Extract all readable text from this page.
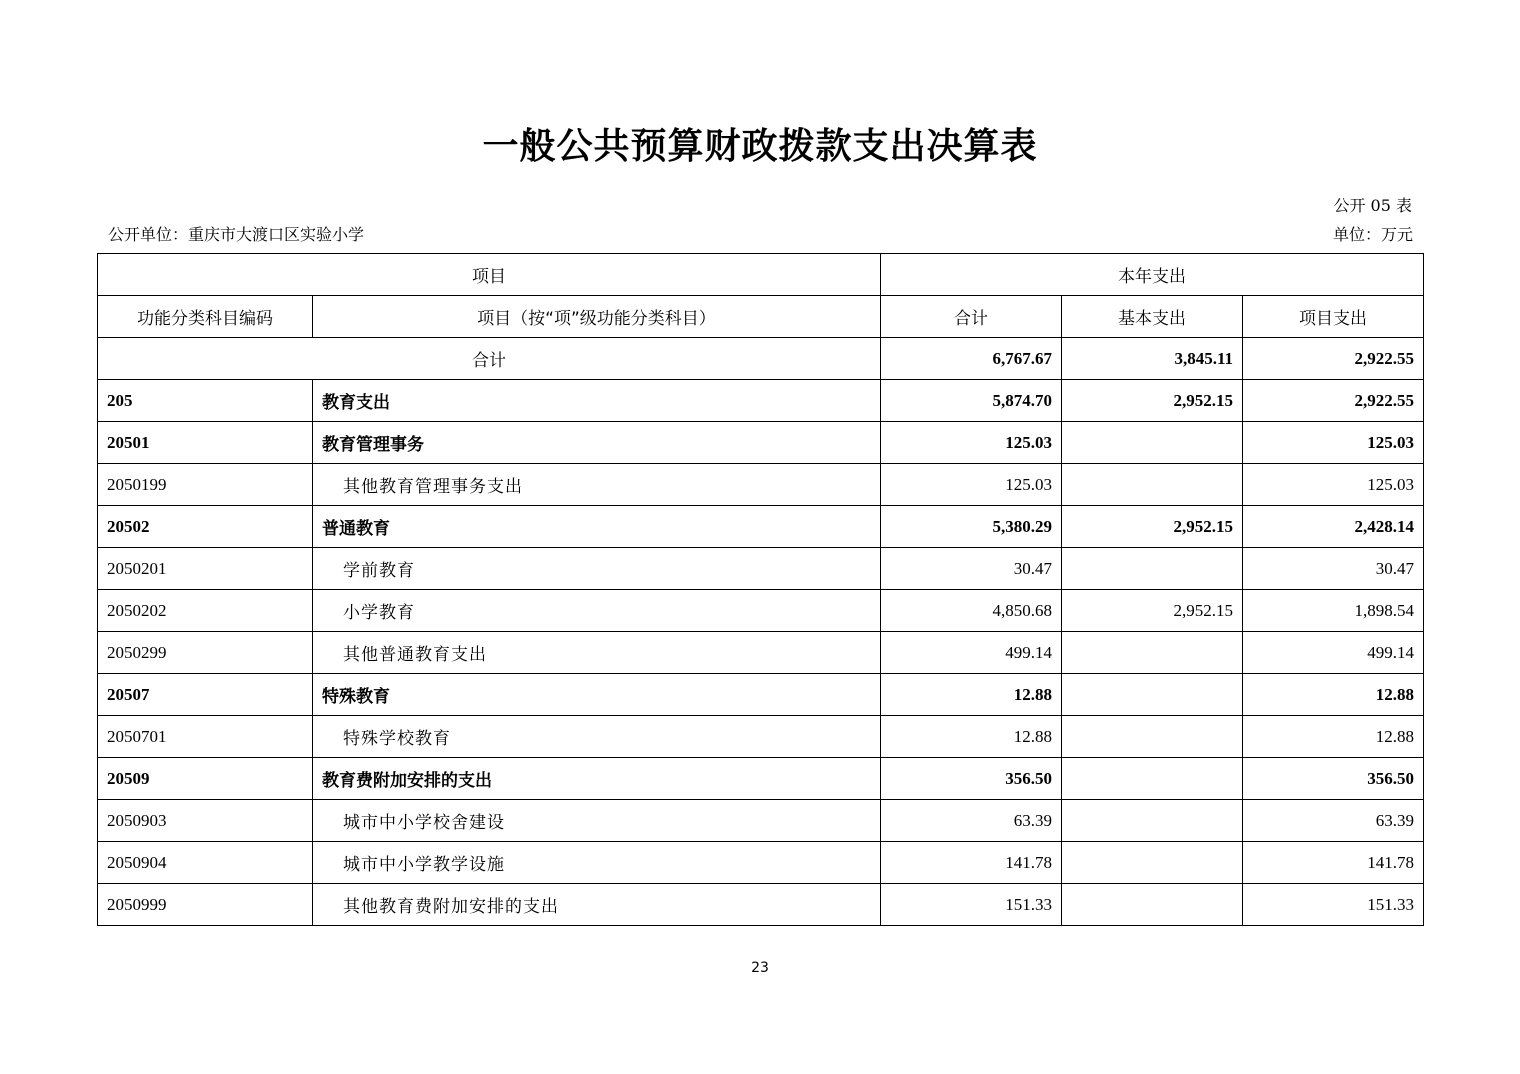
一般公共预算财政拨款支出决算表
公开 05 表
公开单位：重庆市大渡口区实验小学	单位：万元
项目		本年支出		
功能分类科目编码	项目（按“项”级功能分类科目）	合计	基本支出	项目支出
合计		6,767.67	3,845.11	2,922.55
205	教育支出	5,874.70	2,952.15	2,922.55
20501	教育管理事务	125.03		125.03
2050199	其他教育管理事务支出	125.03		125.03
20502	普通教育	5,380.29	2,952.15	2,428.14
2050201	学前教育	30.47		30.47
2050202	小学教育	4,850.68	2,952.15	1,898.54
2050299	其他普通教育支出	499.14		499.14
20507	特殊教育	12.88		12.88
2050701	特殊学校教育	12.88		12.88
20509	教育费附加安排的支出	356.50		356.50
2050903	城市中小学校舍建设	63.39		63.39
2050904	城市中小学教学设施	141.78		141.78
2050999	其他教育费附加安排的支出	151.33		151.33
23
